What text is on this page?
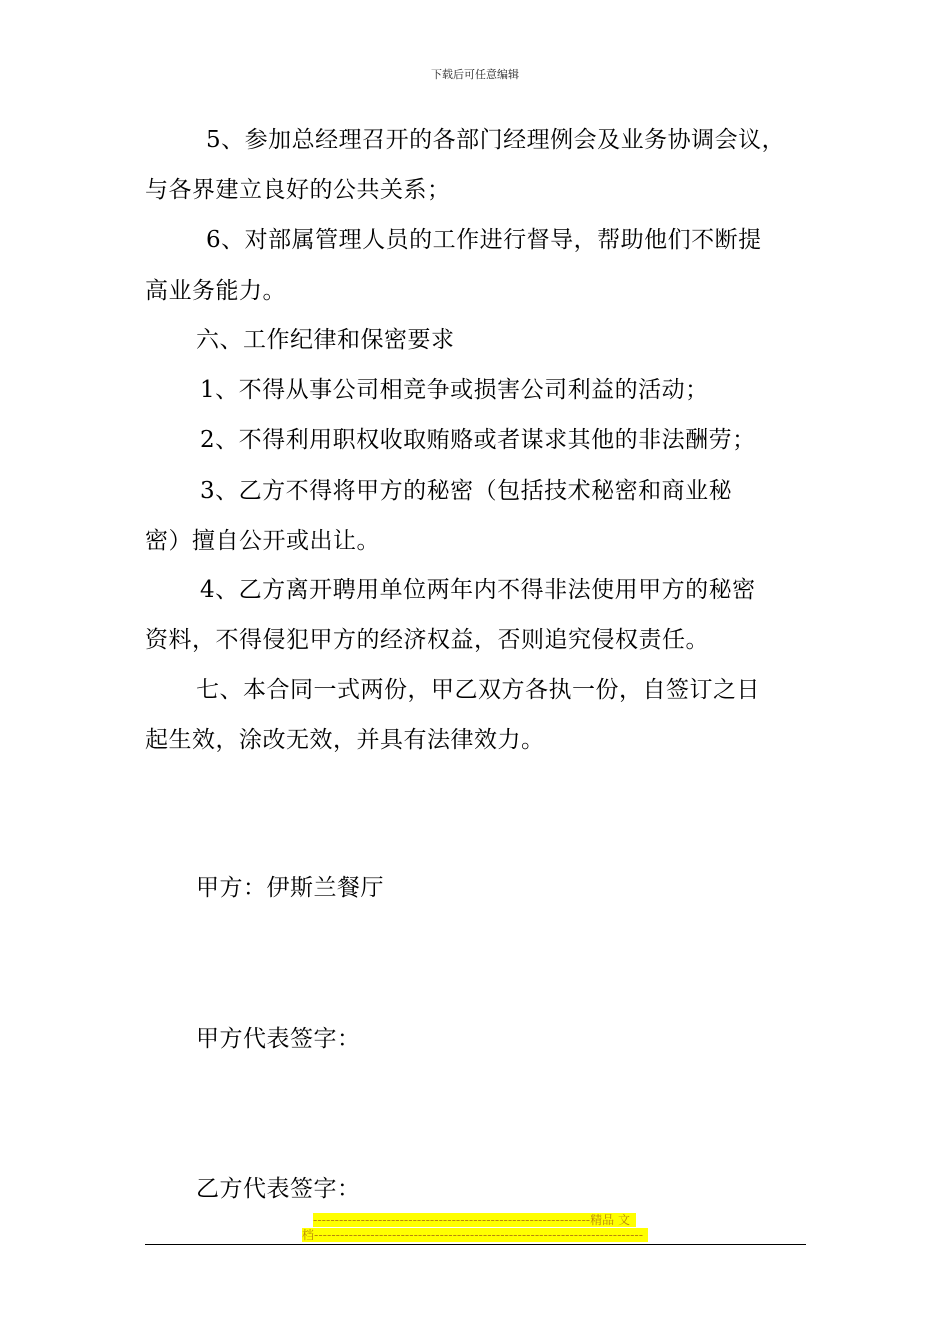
下载后可任意编辑
5、参加总经理召开的各部门经理例会及业务协调会议，
与各界建立良好的公共关系；
6、对部属管理人员的工作进行督导，帮助他们不断提
高业务能力。
六、工作纪律和保密要求
1、不得从事公司相竞争或损害公司利益的活动；
2、不得利用职权收取贿赂或者谋求其他的非法酬劳；
3、乙方不得将甲方的秘密（包括技术秘密和商业秘
密）擅自公开或出让。
4、乙方离开聘用单位两年内不得非法使用甲方的秘密
资料，不得侵犯甲方的经济权益，否则追究侵权责任。
七、本合同一式两份，甲乙双方各执一份，自签订之日
起生效，涂改无效，并具有法律效力。
甲方：伊斯兰餐厅
甲方代表签字：
乙方代表签字：
----------------------------------------------------------------精品 文
档----------------------------------------------------------------------------
